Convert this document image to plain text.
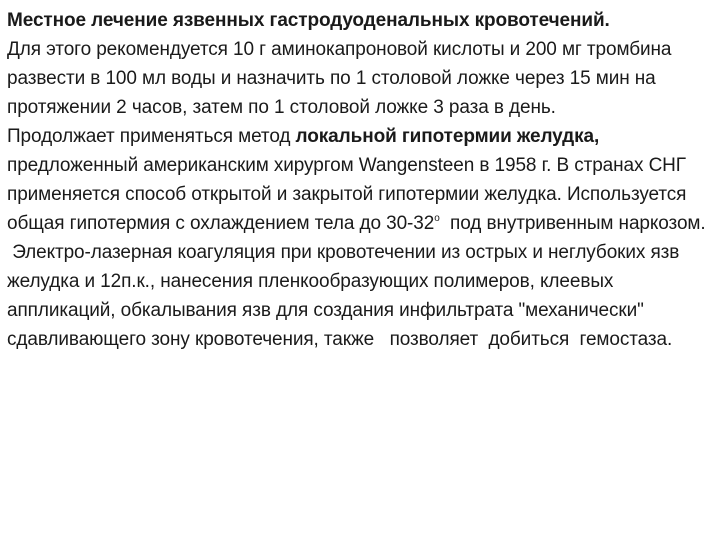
Местное лечение язвенных гастродуоденальных кровотечений.

Для этого рекомендуется 10 г аминокапроновой кислоты и 200 мг тромбина развести в 100 мл воды и назначить по 1 столовой ложке через 15 мин на протяжении 2 часов, затем по 1 столовой ложке 3 раза в день.

Продолжает применяться метод локальной гипотермии желудка, предложенный американским хирургом Wangensteen в 1958 г. В странах СНГ применяется способ открытой и закрытой гипотермии желудка. Используется общая гипотермия с охлаждением тела до $30-32^о$  под внутривенным наркозом.

Электро-лазерная коагуляция при кровотечении из острых и неглубоких язв желудка и 12п.к., нанесения пленкообразующих полимеров, клеевых аппликаций, обкалывания язв для создания инфильтрата "механически" сдавливающего зону кровотечения, также   позволяет  добиться  гемостаза.
